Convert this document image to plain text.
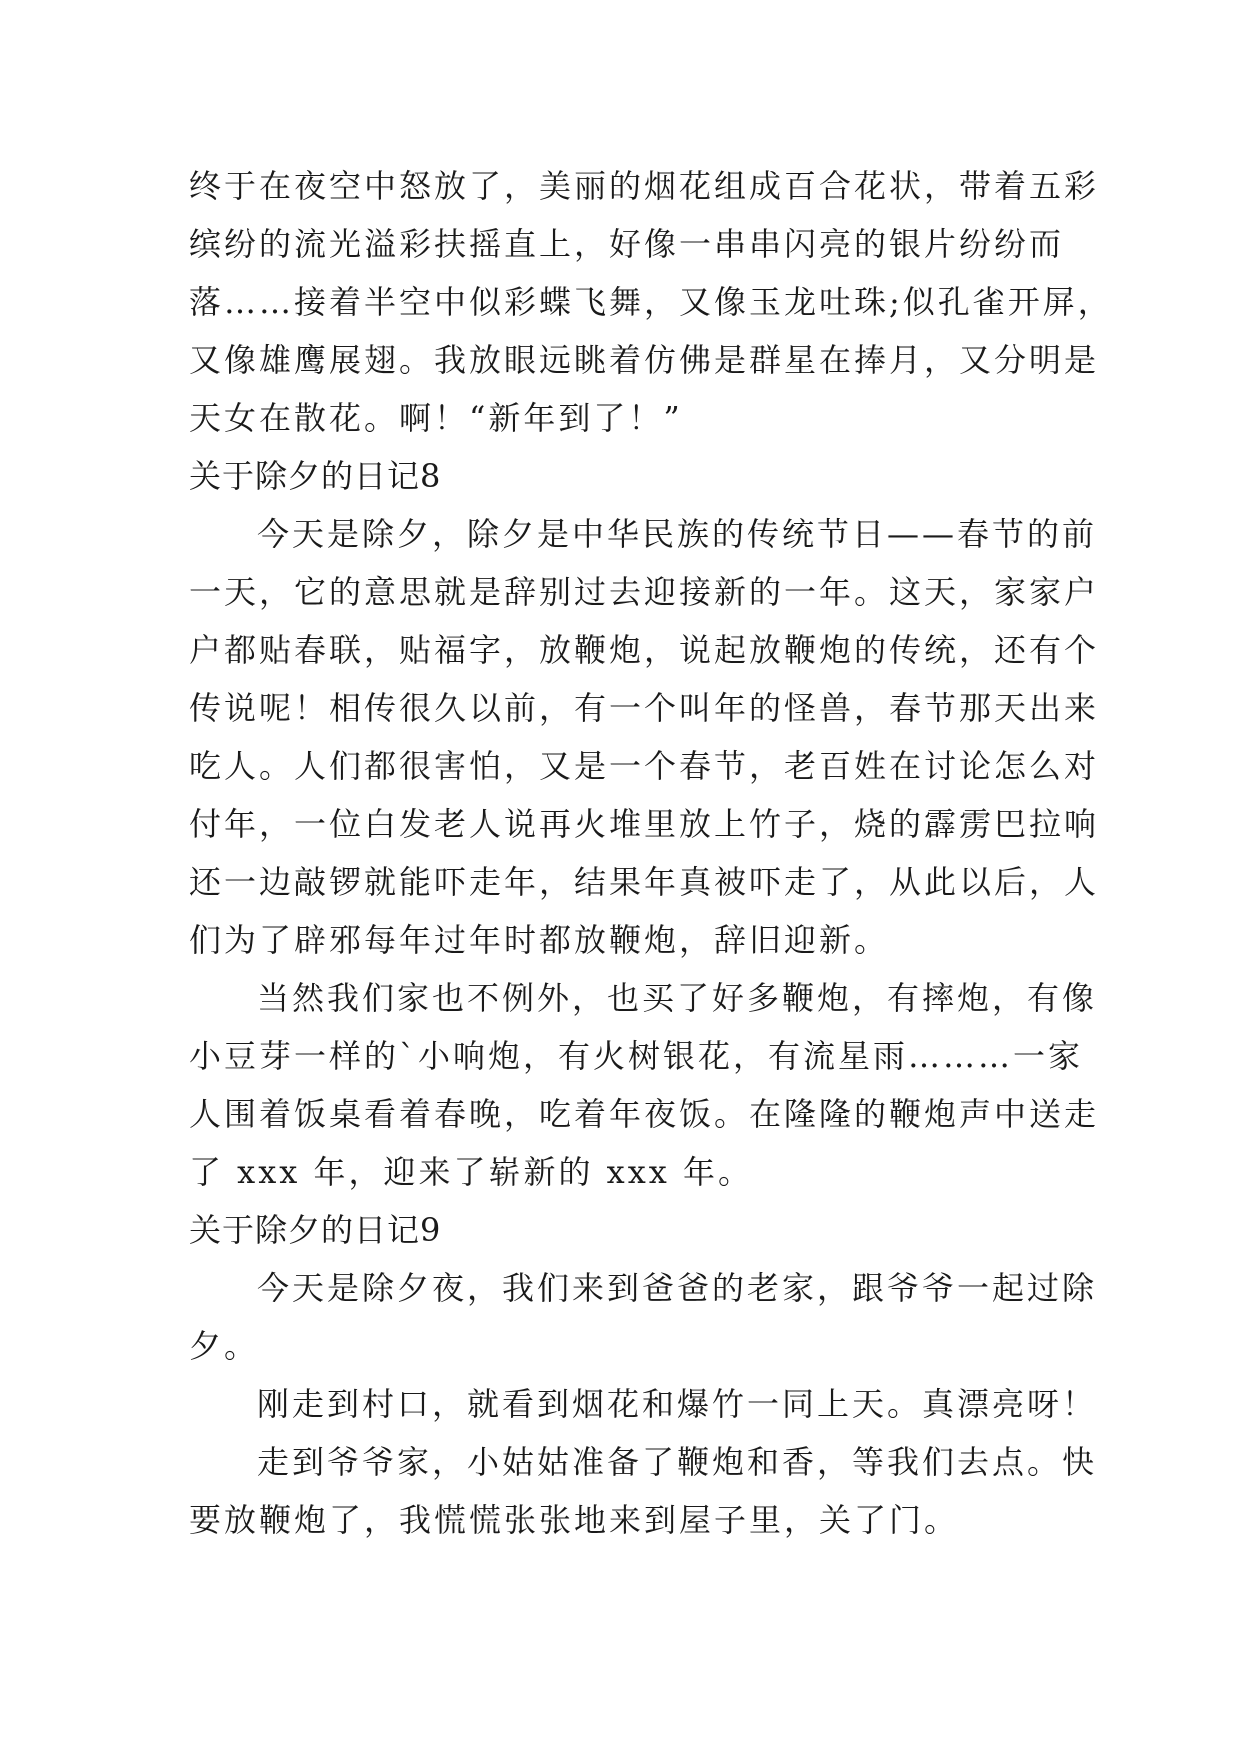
终于在夜空中怒放了，美丽的烟花组成百合花状，带着五彩
缤纷的流光溢彩扶摇直上，好像一串串闪亮的银片纷纷而
落……接着半空中似彩蝶飞舞，又像玉龙吐珠;似孔雀开屏，
又像雄鹰展翅。我放眼远眺着仿佛是群星在捧月，又分明是
天女在散花。啊！“新年到了！”
关于除夕的日记8
今天是除夕，除夕是中华民族的传统节日——春节的前
一天，它的意思就是辞别过去迎接新的一年。这天，家家户
户都贴春联，贴福字，放鞭炮，说起放鞭炮的传统，还有个
传说呢！相传很久以前，有一个叫年的怪兽，春节那天出来
吃人。人们都很害怕，又是一个春节，老百姓在讨论怎么对
付年，一位白发老人说再火堆里放上竹子，烧的霹雳巴拉响
还一边敲锣就能吓走年，结果年真被吓走了，从此以后，人
们为了辟邪每年过年时都放鞭炮，辞旧迎新。
当然我们家也不例外，也买了好多鞭炮，有摔炮，有像
小豆芽一样的`小响炮，有火树银花，有流星雨………一家
人围着饭桌看着春晚，吃着年夜饭。在隆隆的鞭炮声中送走
了 xxx 年，迎来了崭新的 xxx 年。
关于除夕的日记9
今天是除夕夜，我们来到爸爸的老家，跟爷爷一起过除
夕。
刚走到村口，就看到烟花和爆竹一同上天。真漂亮呀！
走到爷爷家，小姑姑准备了鞭炮和香，等我们去点。快
要放鞭炮了，我慌慌张张地来到屋子里，关了门。
